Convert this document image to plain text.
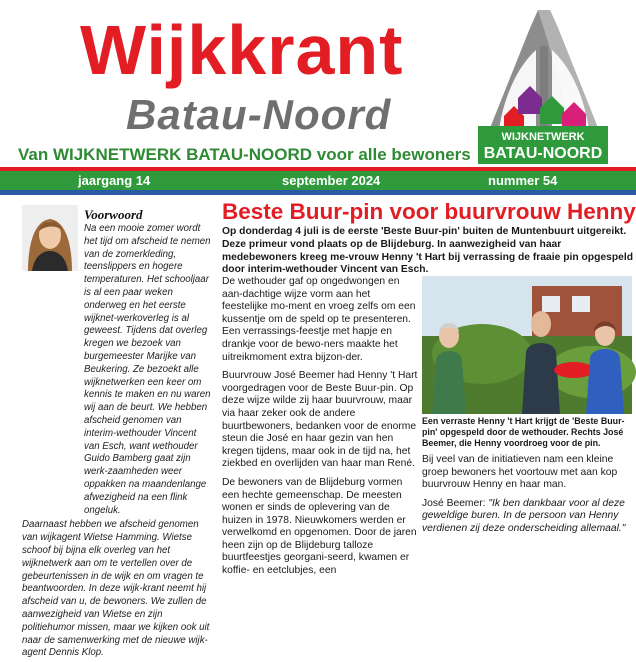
Wijkkrant
Batau-Noord
Van WIJKNETWERK BATAU-NOORD voor alle bewoners
WIJKNETWERK
BATAU-NOORD
jaargang 14	september 2024	nummer 54
Voorwoord

Na een mooie zomer wordt het tijd om afscheid te nemen van de zomerkleding, teenslippers en hogere temperaturen. Het schooljaar is al een paar weken onderweg en het eerste wijknet-werkoverleg is al geweest. Tijdens dat overleg kregen we bezoek van burgemeester Marijke van Beukering. Ze bezoekt alle wijknetwerken een keer om kennis te maken en nu waren wij aan de beurt. We hebben afscheid genomen van interim-wethouder Vincent van Esch, want wethouder Guido Bamberg gaat zijn werk-zaamheden weer oppakken na maandenlange afwezigheid na een flink ongeluk.

Daarnaast hebben we afscheid genomen van wijkagent Wietse Hamming. Wietse schoof bij bijna elk overleg van het wijknetwerk aan om te vertellen over de gebeurtenissen in de wijk en om vragen te beantwoorden. In deze wijk-krant neemt hij afscheid van u, de bewoners. We zullen de aanwezigheid van Wietse en zijn politiehumor missen, maar we kijken ook uit naar de samenwerking met de nieuwe wijk-agent Dennis Klop.

Beste Buur-pin voor buurvrouw Henny
Op donderdag 4 juli is de eerste 'Beste Buur-pin' buiten de Muntenbuurt uitgereikt. Deze primeur vond plaats op de Blijdeburg. In aanwezigheid van haar medebewoners kreeg me-vrouw Henny 't Hart bij verrassing de fraaie pin opgespeld door interim-wethouder Vincent van Esch.

De wethouder gaf op ongedwongen en aan-dachtige wijze vorm aan het feestelijke mo-ment en vroeg zelfs om een kussentje om de speld op te presenteren. Een verrassings-feestje met hapje en drankje voor de bewo-ners maakte het uitreikmoment extra bijzon-der.

Buurvrouw José Beemer had Henny 't Hart voorgedragen voor de Beste Buur-pin. Op deze wijze wilde zij haar buurvrouw, maar via haar zeker ook de andere buurtbewoners, bedanken voor de enorme steun die José en haar gezin van hen kregen tijdens, maar ook in de tijd na, het ziekbed en overlijden van haar man René.

De bewoners van de Blijdeburg vormen een hechte gemeenschap. De meesten wonen er sinds de oplevering van de huizen in 1978. Nieuwkomers werden er verwelkomd en opgenomen. Door de jaren heen zijn op de Blijdeburg talloze buurtfeestjes georgani-seerd, kwamen er koffie- en eetclubjes, een

Een verraste Henny 't Hart krijgt de 'Beste Buur-pin' opgespeld door de wethouder. Rechts José Beemer, die Henny voordroeg voor de pin.

Bij veel van de initiatieven nam een kleine groep bewoners het voortouw met aan kop buurvrouw Henny en haar man.

José Beemer: "Ik ben dankbaar voor al deze geweldige buren. In de persoon van Henny verdienen zij deze onderscheiding allemaal."
